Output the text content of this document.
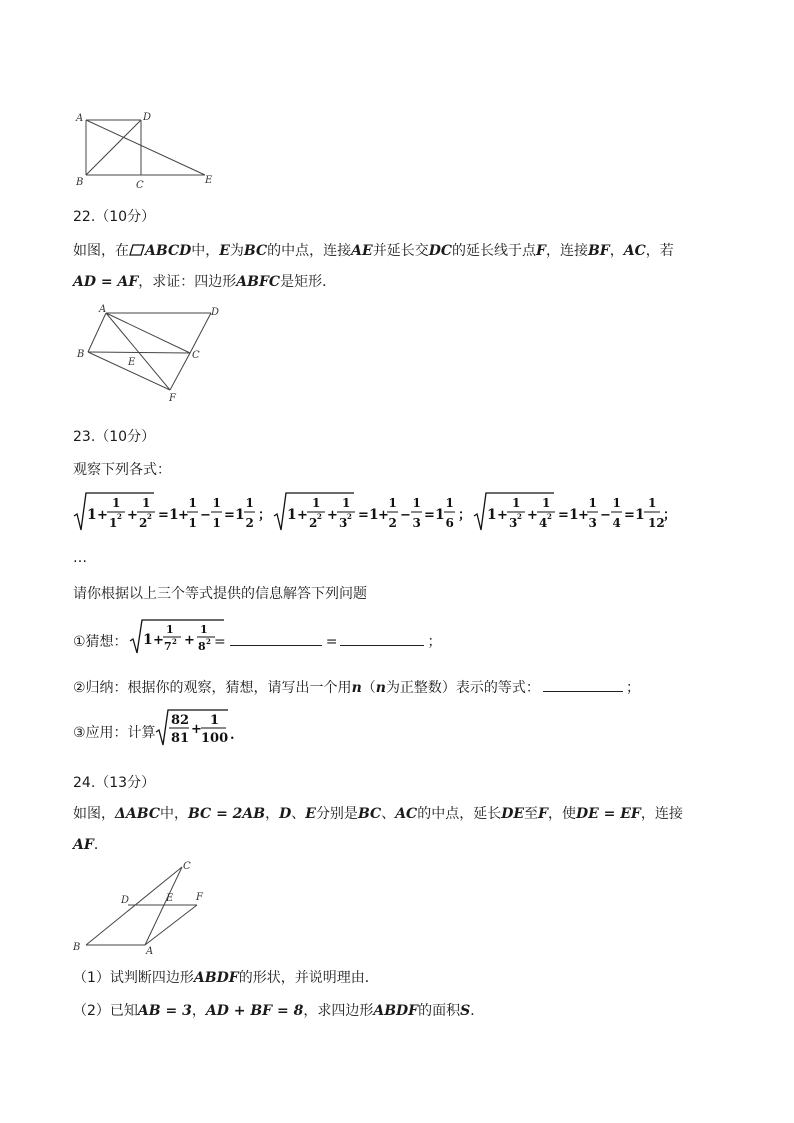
A	D
B	C	E
22.（10分）
如图，在 ABCD中，E为BC的中点，连接AE并延长交DC的延长线于点F，连接BF，AC，若
AD = AF，求证：四边形ABFC是矩形．
A	D
B	C
E
F
23.（10分）
观察下列各式：
1 +
1
1 2 +
1
2 2 = 1 +
1
1 −
1
1 = 1
1
2 ； 1 +
1
2 2 +
1
3 2 = 1 +
1
2 −
1
3 = 1
1
6 ； 1 +
1
3 2 +
1
4 2 = 1 +
1
3 −
1
4 = 1
1
12
；
…
请你根据以上三个等式提供的信息解答下列问题
①猜想： 1 +
1
7 2 +
1
8 2 =	=	；
②归纳：根据你的观察，猜想，请写出一个用n（n为正整数）表示的等式：	；
③应用：计算
82
81
+
1
100 .
24.（13分）
如图，ΔABC中，BC = 2AB，D、E分别是BC、AC的中点，延长DE至F，使DE = EF，连接
AF．
C
D	E F
B	A
（1）试判断四边形ABDF的形状，并说明理由．
（2）已知AB = 3，AD + BF = 8，求四边形ABDF的面积S．
